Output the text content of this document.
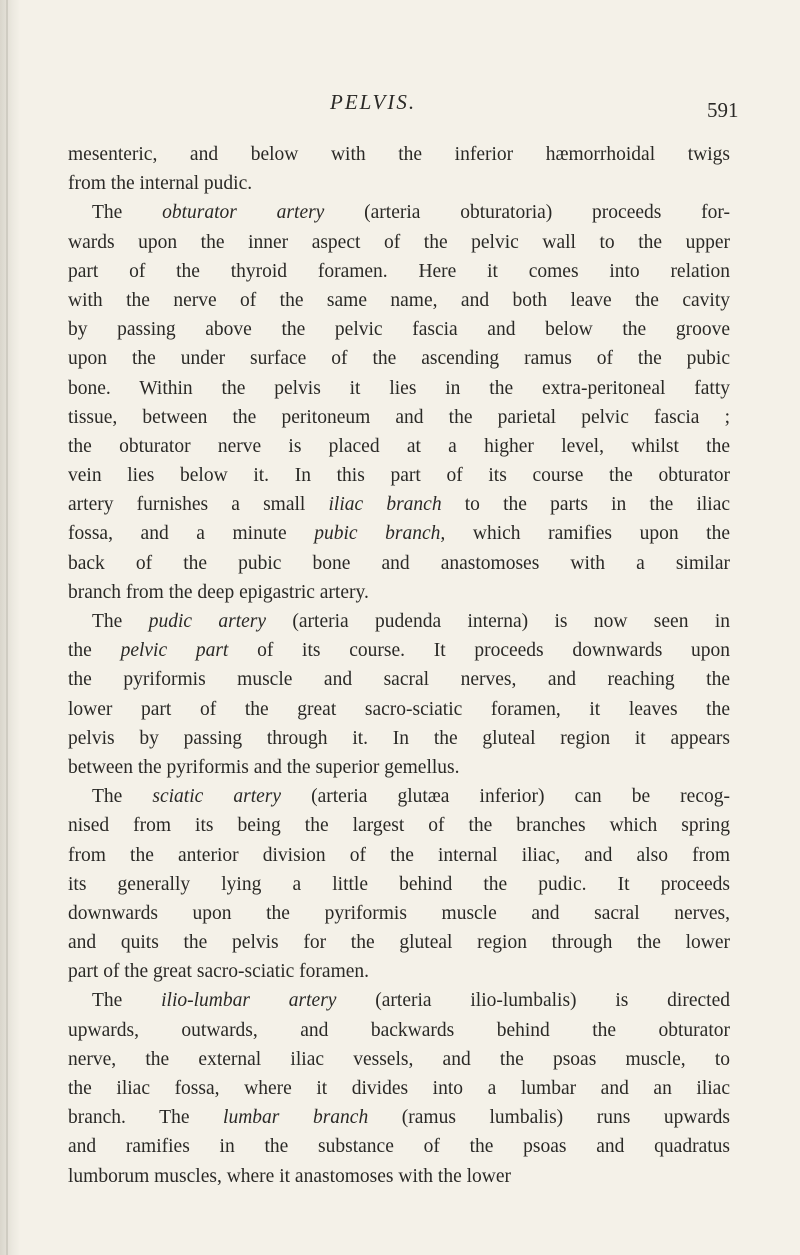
PELVIS.	591
mesenteric, and below with the inferior hæmorrhoidal twigs
from the internal pudic.
The obturator artery (arteria obturatoria) proceeds for-
wards upon the inner aspect of the pelvic wall to the upper
part of the thyroid foramen. Here it comes into relation
with the nerve of the same name, and both leave the cavity
by passing above the pelvic fascia and below the groove
upon the under surface of the ascending ramus of the pubic
bone. Within the pelvis it lies in the extra-peritoneal fatty
tissue, between the peritoneum and the parietal pelvic fascia ;
the obturator nerve is placed at a higher level, whilst the
vein lies below it. In this part of its course the obturator
artery furnishes a small iliac branch to the parts in the iliac
fossa, and a minute pubic branch, which ramifies upon the
back of the pubic bone and anastomoses with a similar
branch from the deep epigastric artery.
The pudic artery (arteria pudenda interna) is now seen in
the pelvic part of its course. It proceeds downwards upon
the pyriformis muscle and sacral nerves, and reaching the
lower part of the great sacro-sciatic foramen, it leaves the
pelvis by passing through it. In the gluteal region it appears
between the pyriformis and the superior gemellus.
The sciatic artery (arteria glutæa inferior) can be recog-
nised from its being the largest of the branches which spring
from the anterior division of the internal iliac, and also from
its generally lying a little behind the pudic. It proceeds
downwards upon the pyriformis muscle and sacral nerves,
and quits the pelvis for the gluteal region through the lower
part of the great sacro-sciatic foramen.
The ilio-lumbar artery (arteria ilio-lumbalis) is directed
upwards, outwards, and backwards behind the obturator
nerve, the external iliac vessels, and the psoas muscle, to
the iliac fossa, where it divides into a lumbar and an iliac
branch. The lumbar branch (ramus lumbalis) runs upwards
and ramifies in the substance of the psoas and quadratus
lumborum muscles, where it anastomoses with the lower
